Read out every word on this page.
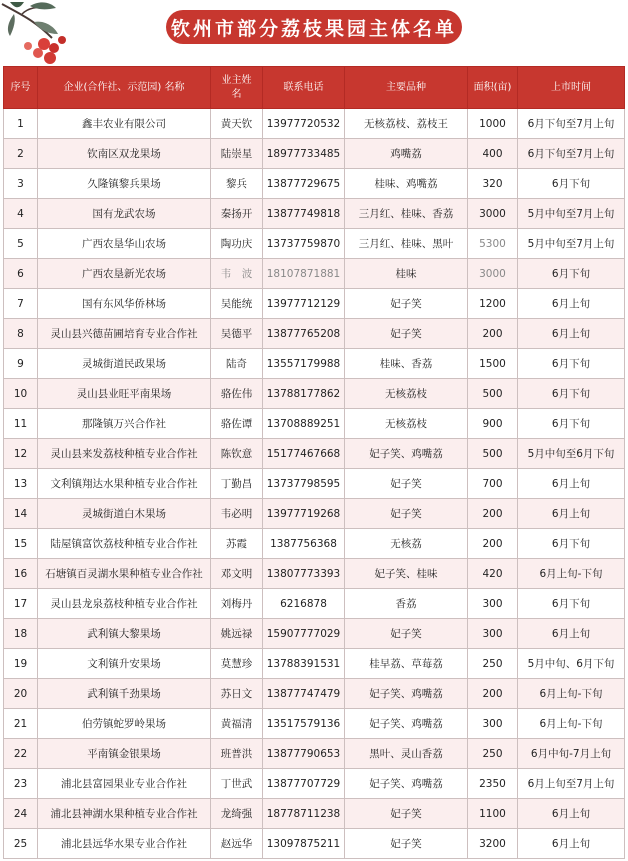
钦州市部分荔枝果园主体名单
序号	企业(合作社、示范园) 名称	业主姓名	联系电话	主要品种	面积(亩)	上市时间
1	鑫丰农业有限公司	黄天钦	13977720532	无核荔枝、荔枝王	1000	6月下旬至7月上旬
2	钦南区双龙果场	陆崇星	18977733485	鸡嘴荔	400	6月下旬至7月上旬
3	久隆镇黎兵果场	黎兵	13877729675	桂味、鸡嘴荔	320	6月下旬
4	国有龙武农场	秦扬开	13877749818	三月红、桂味、香荔	3000	5月中旬至7月上旬
5	广西农垦华山农场	陶功庆	13737759870	三月红、桂味、黑叶	5300	5月中旬至7月上旬
6	广西农垦新光农场	韦　波	18107871881	桂味	3000	6月下旬
7	国有东风华侨林场	吴能统	13977712129	妃子笑	1200	6月上旬
8	灵山县兴德苗圃培育专业合作社	吴德平	13877765208	妃子笑	200	6月上旬
9	灵城街道民政果场	陆奇	13557179988	桂味、香荔	1500	6月下旬
10	灵山县业旺平南果场	骆佐伟	13788177862	无核荔枝	500	6月下旬
11	那隆镇万兴合作社	骆佐谭	13708889251	无核荔枝	900	6月下旬
12	灵山县来发荔枝种植专业合作社	陈钦意	15177467668	妃子笑、鸡嘴荔	500	5月中旬至6月下旬
13	文利镇翔达水果种植专业合作社	丁勤昌	13737798595	妃子笑	700	6月上旬
14	灵城街道白木果场	韦必明	13977719268	妃子笑	200	6月上旬
15	陆屋镇富饮荔枝种植专业合作社	苏霞	1387756368	无核荔	200	6月下旬
16	石塘镇百灵湖水果种植专业合作社	邓文明	13807773393	妃子笑、桂味	420	6月上旬-下旬
17	灵山县龙泉荔枝种植专业合作社	刘梅丹	6216878	香荔	300	6月下旬
18	武利镇大黎果场	姚远禄	15907777029	妃子笑	300	6月上旬
19	文利镇升安果场	莫慧珍	13788391531	桂早荔、草莓荔	250	5月中旬、6月下旬
20	武利镇千劲果场	苏日文	13877747479	妃子笑、鸡嘴荔	200	6月上旬-下旬
21	伯劳镇蛇罗岭果场	黄福清	13517579136	妃子笑、鸡嘴荔	300	6月上旬-下旬
22	平南镇金银果场	班普洪	13877790653	黑叶、灵山香荔	250	6月中旬-7月上旬
23	浦北县富园果业专业合作社	丁世武	13877707729	妃子笑、鸡嘴荔	2350	6月上旬至7月上旬
24	浦北县神湖水果种植专业合作社	龙绮强	18778711238	妃子笑	1100	6月上旬
25	浦北县远华水果专业合作社	赵远华	13097875211	妃子笑	3200	6月上旬
